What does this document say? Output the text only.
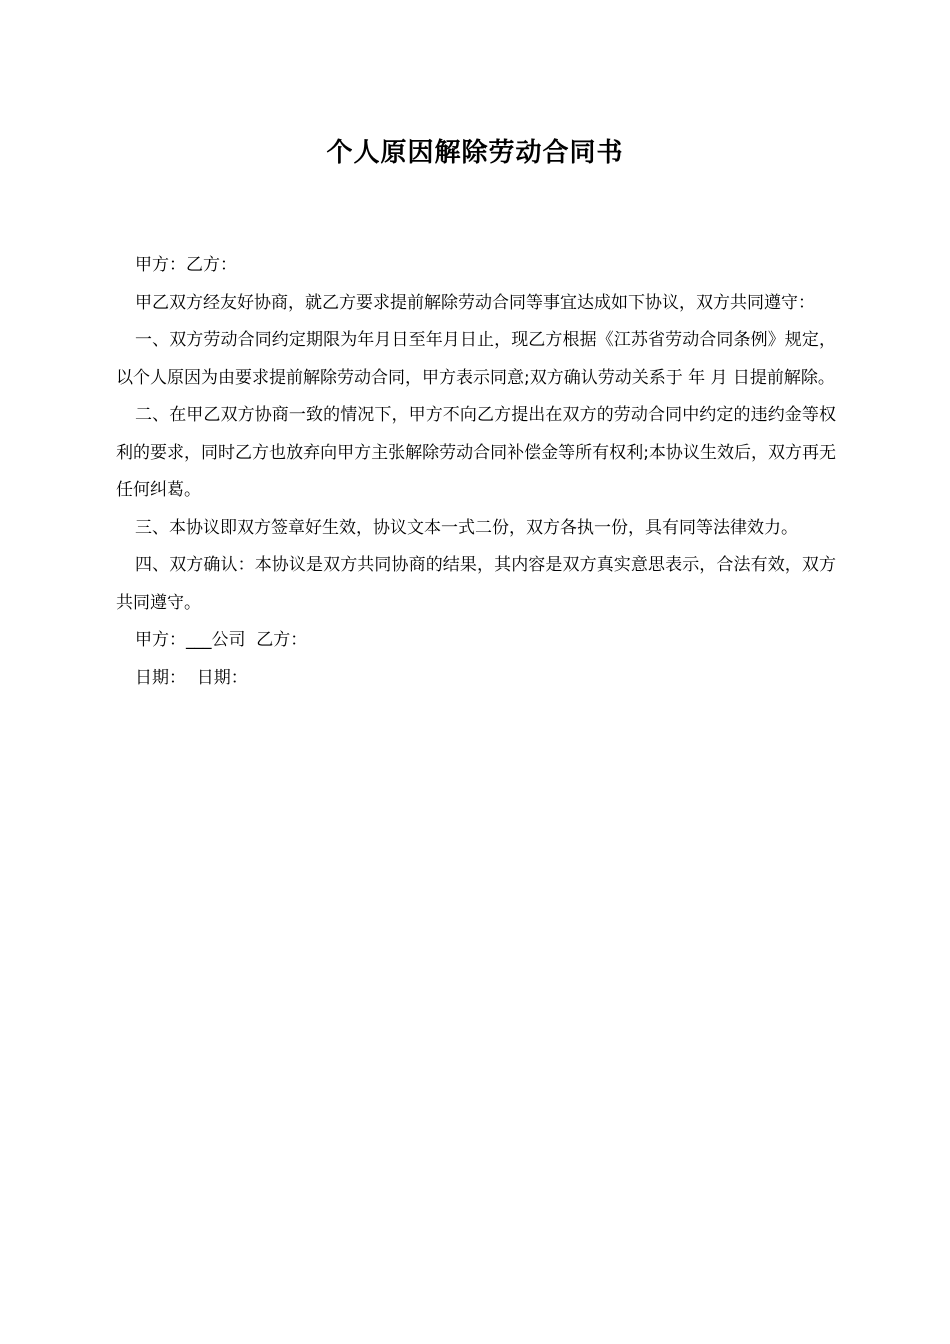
个人原因解除劳动合同书

甲方：乙方：

甲乙双方经友好协商，就乙方要求提前解除劳动合同等事宜达成如下协议，双方共同遵守：

一、双方劳动合同约定期限为年月日至年月日止，现乙方根据《江苏省劳动合同条例》规定，以个人原因为由要求提前解除劳动合同，甲方表示同意;双方确认劳动关系于 年 月 日提前解除。

二、在甲乙双方协商一致的情况下，甲方不向乙方提出在双方的劳动合同中约定的违约金等权利的要求，同时乙方也放弃向甲方主张解除劳动合同补偿金等所有权利;本协议生效后，双方再无任何纠葛。

三、本协议即双方签章好生效，协议文本一式二份，双方各执一份，具有同等法律效力。

四、双方确认：本协议是双方共同协商的结果，其内容是双方真实意思表示，合法有效，双方共同遵守。

甲方：___公司  乙方：

日期：  日期：
